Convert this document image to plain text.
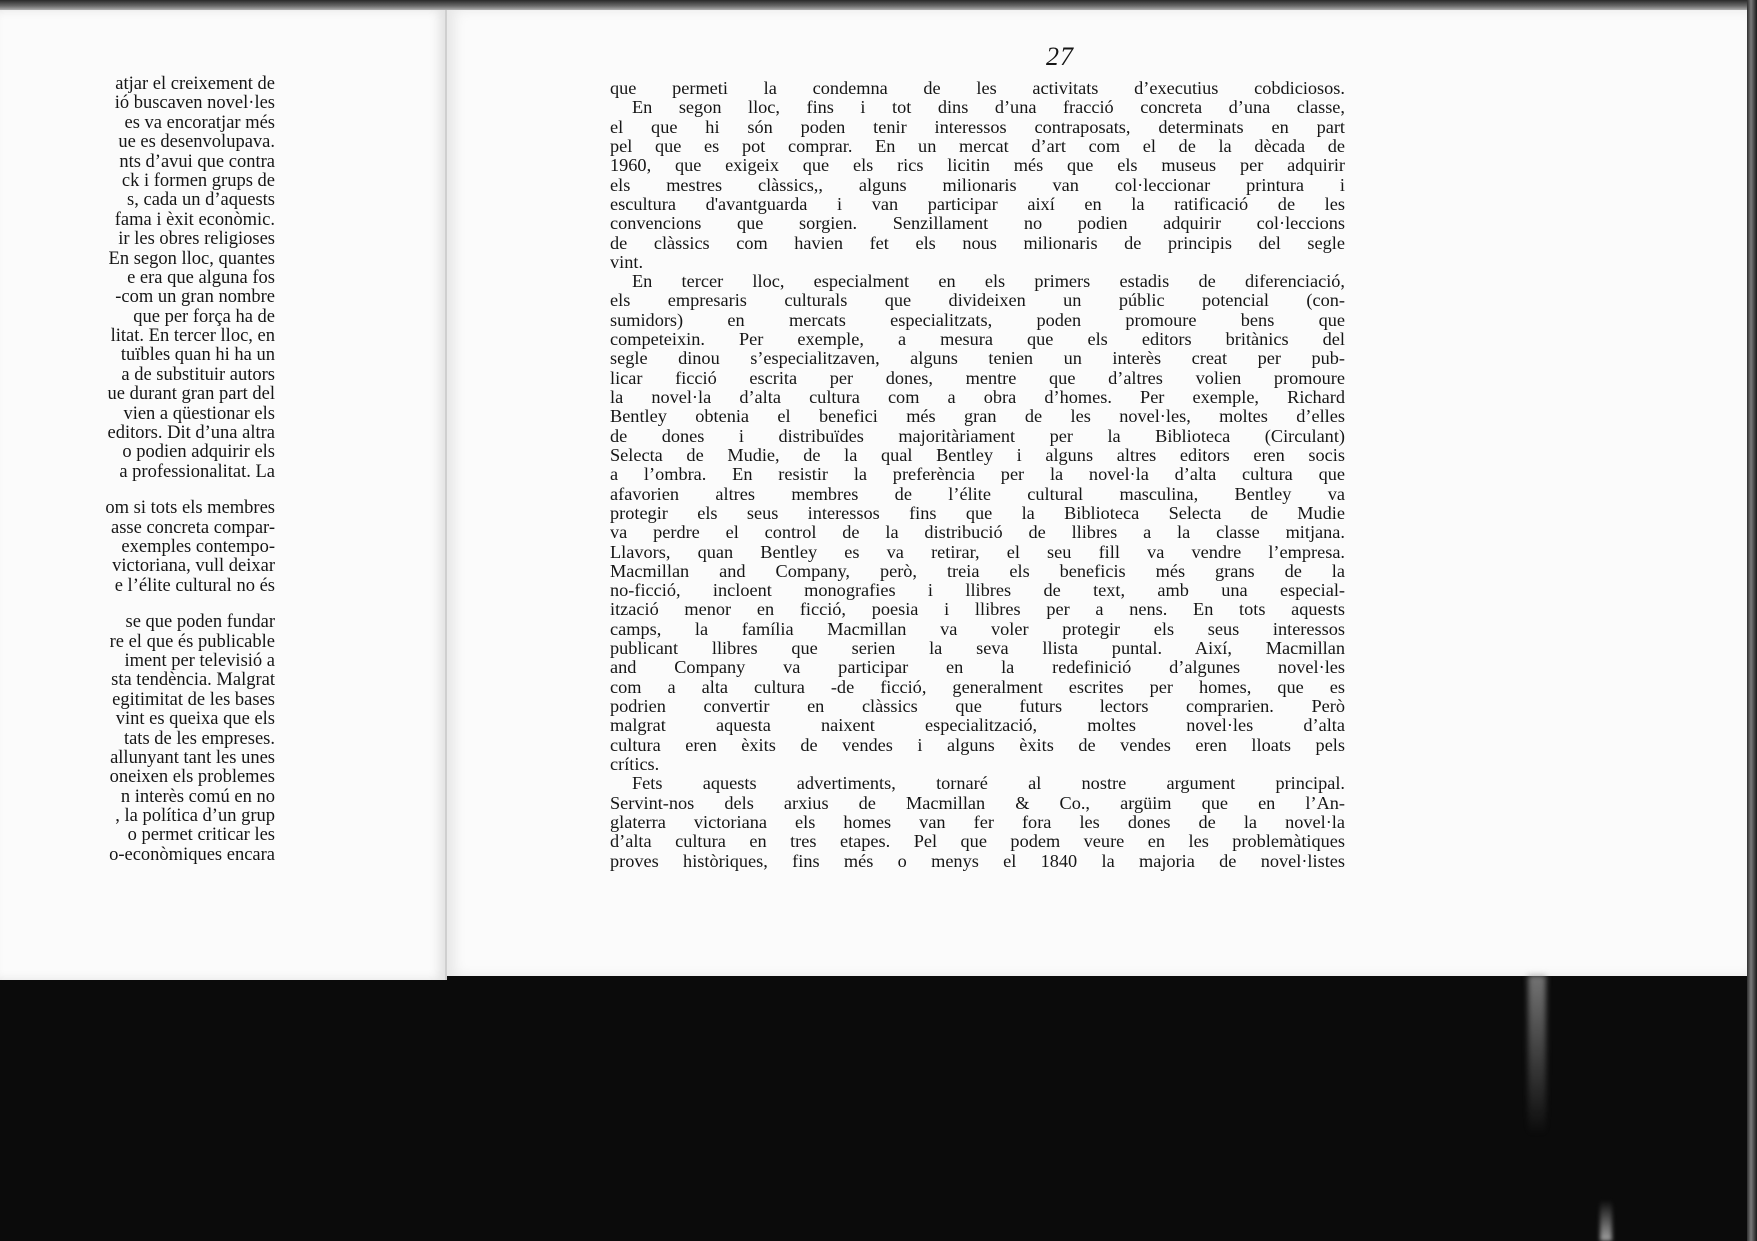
atjar el creixement de
ió buscaven novel·les
es va encoratjar més
ue es desenvolupava.
nts d’avui que contra
ck i formen grups de
s, cada un d’aquests
fama i èxit econòmic.
ir les obres religioses
En segon lloc, quantes
e era que alguna fos
-com un gran nombre
que per força ha de
litat. En tercer lloc, en
tuïbles quan hi ha un
a de substituir autors
ue durant gran part del
vien a qüestionar els
editors. Dit d’una altra
o podien adquirir els
a professionalitat. La
om si tots els membres
asse concreta compar-
exemples contempo-
victoriana, vull deixar
e l’élite cultural no és
se que poden fundar
re el que és publicable
iment per televisió a
sta tendència. Malgrat
egitimitat de les bases
vint es queixa que els
tats de les empreses.
allunyant tant les unes
oneixen els problemes
n interès comú en no
, la política d’un grup
o permet criticar les
o-econòmiques encara
27
que permeti la condemna de les activitats d’executius cobdiciosos.
En segon lloc, fins i tot dins d’una fracció concreta d’una classe,
el que hi són poden tenir interessos contraposats, determinats en part
pel que es pot comprar. En un mercat d’art com el de la dècada de
1960, que exigeix que els rics licitin més que els museus per adquirir
els mestres clàssics,, alguns milionaris van col·leccionar printura i
escultura d'avantguarda i van participar així en la ratificació de les
convencions que sorgien. Senzillament no podien adquirir col·leccions
de clàssics com havien fet els nous milionaris de principis del segle
vint.
En tercer lloc, especialment en els primers estadis de diferenciació,
els empresaris culturals que divideixen un públic potencial (con-
sumidors) en mercats especialitzats, poden promoure bens que
competeixin. Per exemple, a mesura que els editors britànics del
segle dinou s’especialitzaven, alguns tenien un interès creat per pub-
licar ficció escrita per dones, mentre que d’altres volien promoure
la novel·la d’alta cultura com a obra d’homes. Per exemple, Richard
Bentley obtenia el benefici més gran de les novel·les, moltes d’elles
de dones i distribuïdes majoritàriament per la Biblioteca (Circulant)
Selecta de Mudie, de la qual Bentley i alguns altres editors eren socis
a l’ombra. En resistir la preferència per la novel·la d’alta cultura que
afavorien altres membres de l’élite cultural masculina, Bentley va
protegir els seus interessos fins que la Biblioteca Selecta de Mudie
va perdre el control de la distribució de llibres a la classe mitjana.
Llavors, quan Bentley es va retirar, el seu fill va vendre l’empresa.
Macmillan and Company, però, treia els beneficis més grans de la
no-ficció, incloent monografies i llibres de text, amb una especial-
ització menor en ficció, poesia i llibres per a nens. En tots aquests
camps, la família Macmillan va voler protegir els seus interessos
publicant llibres que serien la seva llista puntal. Així, Macmillan
and Company va participar en la redefinició d’algunes novel·les
com a alta cultura -de ficció, generalment escrites per homes, que es
podrien convertir en clàssics que futurs lectors comprarien. Però
malgrat aquesta naixent especialització, moltes novel·les d’alta
cultura eren èxits de vendes i alguns èxits de vendes eren lloats pels
crítics.
Fets aquests advertiments, tornaré al nostre argument principal.
Servint-nos dels arxius de Macmillan & Co., argüim que en l’An-
glaterra victoriana els homes van fer fora les dones de la novel·la
d’alta cultura en tres etapes. Pel que podem veure en les problemàtiques
proves històriques, fins més o menys el 1840 la majoria de novel·listes
